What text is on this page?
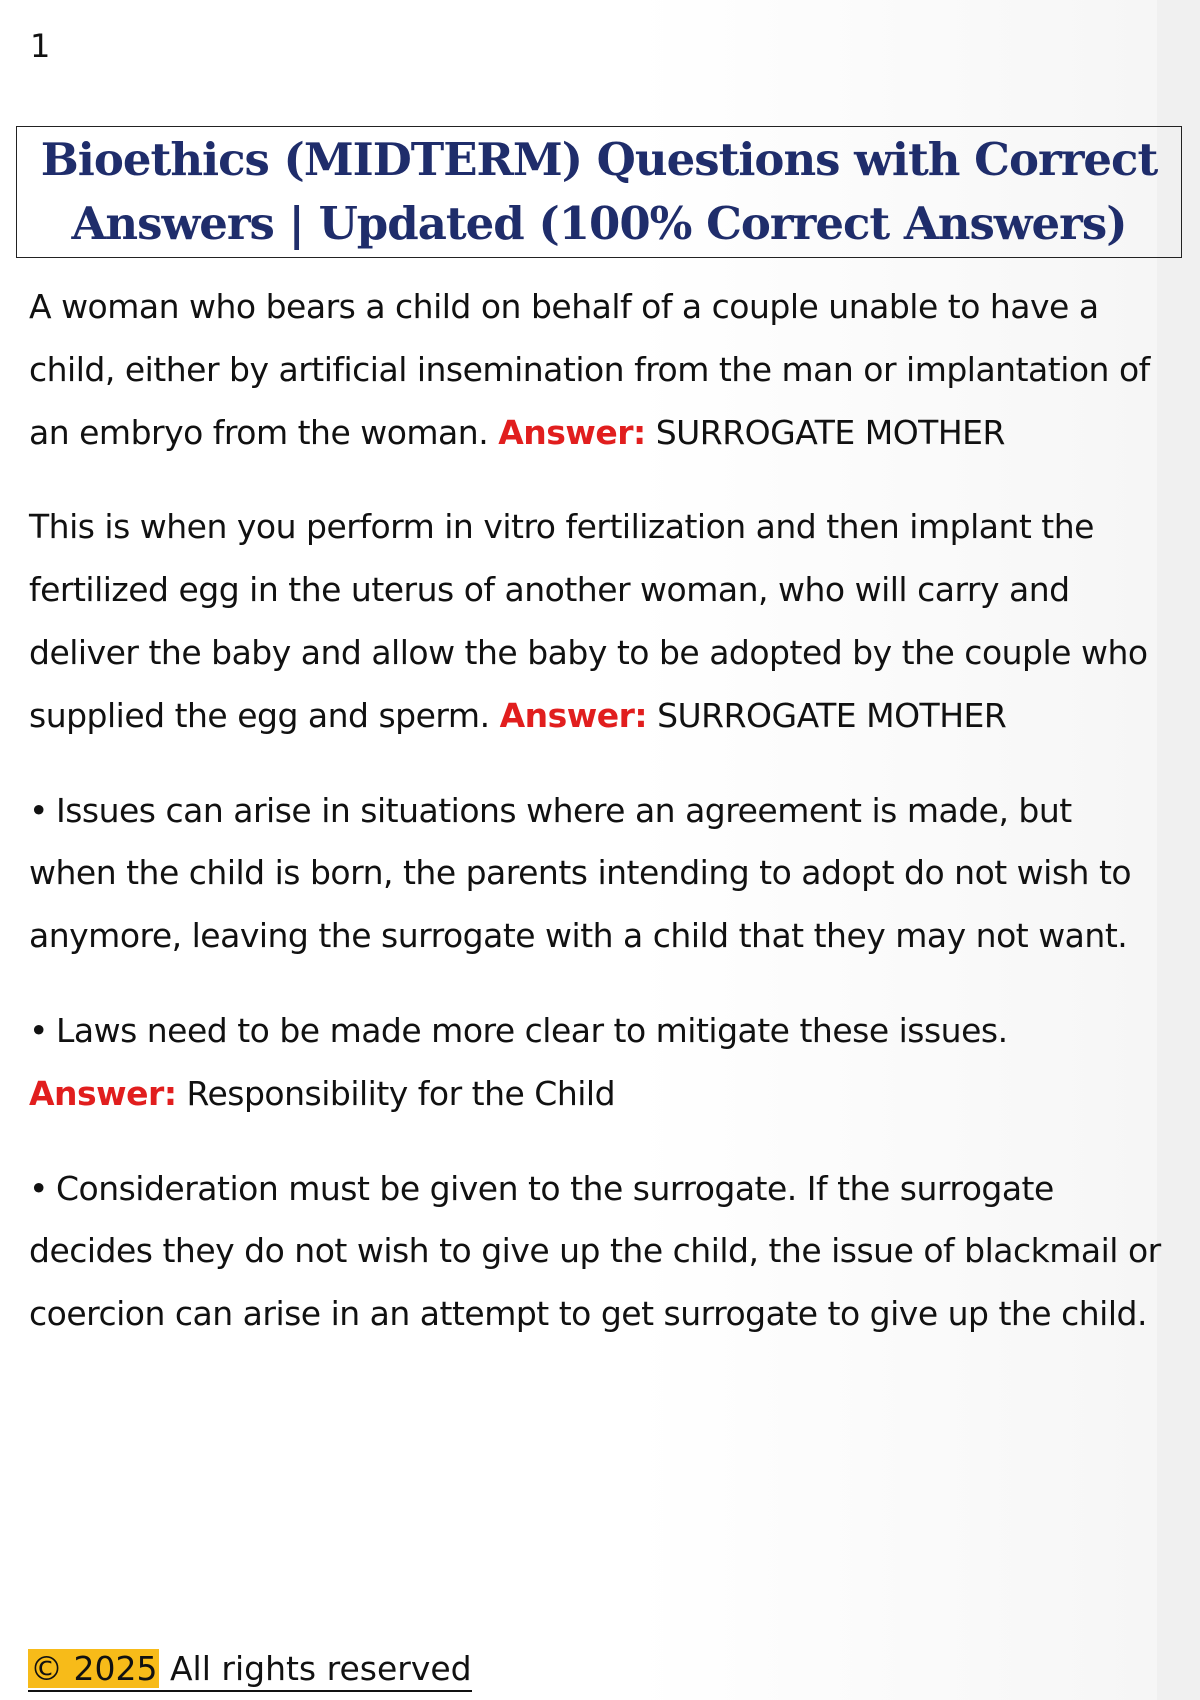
1
Bioethics (MIDTERM) Questions with Correct Answers | Updated (100% Correct Answers)

A woman who bears a child on behalf of a couple unable to have a child, either by artificial insemination from the man or implantation of an embryo from the woman. Answer: SURROGATE MOTHER

This is when you perform in vitro fertilization and then implant the fertilized egg in the uterus of another woman, who will carry and deliver the baby and allow the baby to be adopted by the couple who supplied the egg and sperm. Answer: SURROGATE MOTHER

• Issues can arise in situations where an agreement is made, but when the child is born, the parents intending to adopt do not wish to anymore, leaving the surrogate with a child that they may not want.

• Laws need to be made more clear to mitigate these issues.
Answer: Responsibility for the Child

• Consideration must be given to the surrogate. If the surrogate decides they do not wish to give up the child, the issue of blackmail or coercion can arise in an attempt to get surrogate to give up the child.

© 2025 All rights reserved
